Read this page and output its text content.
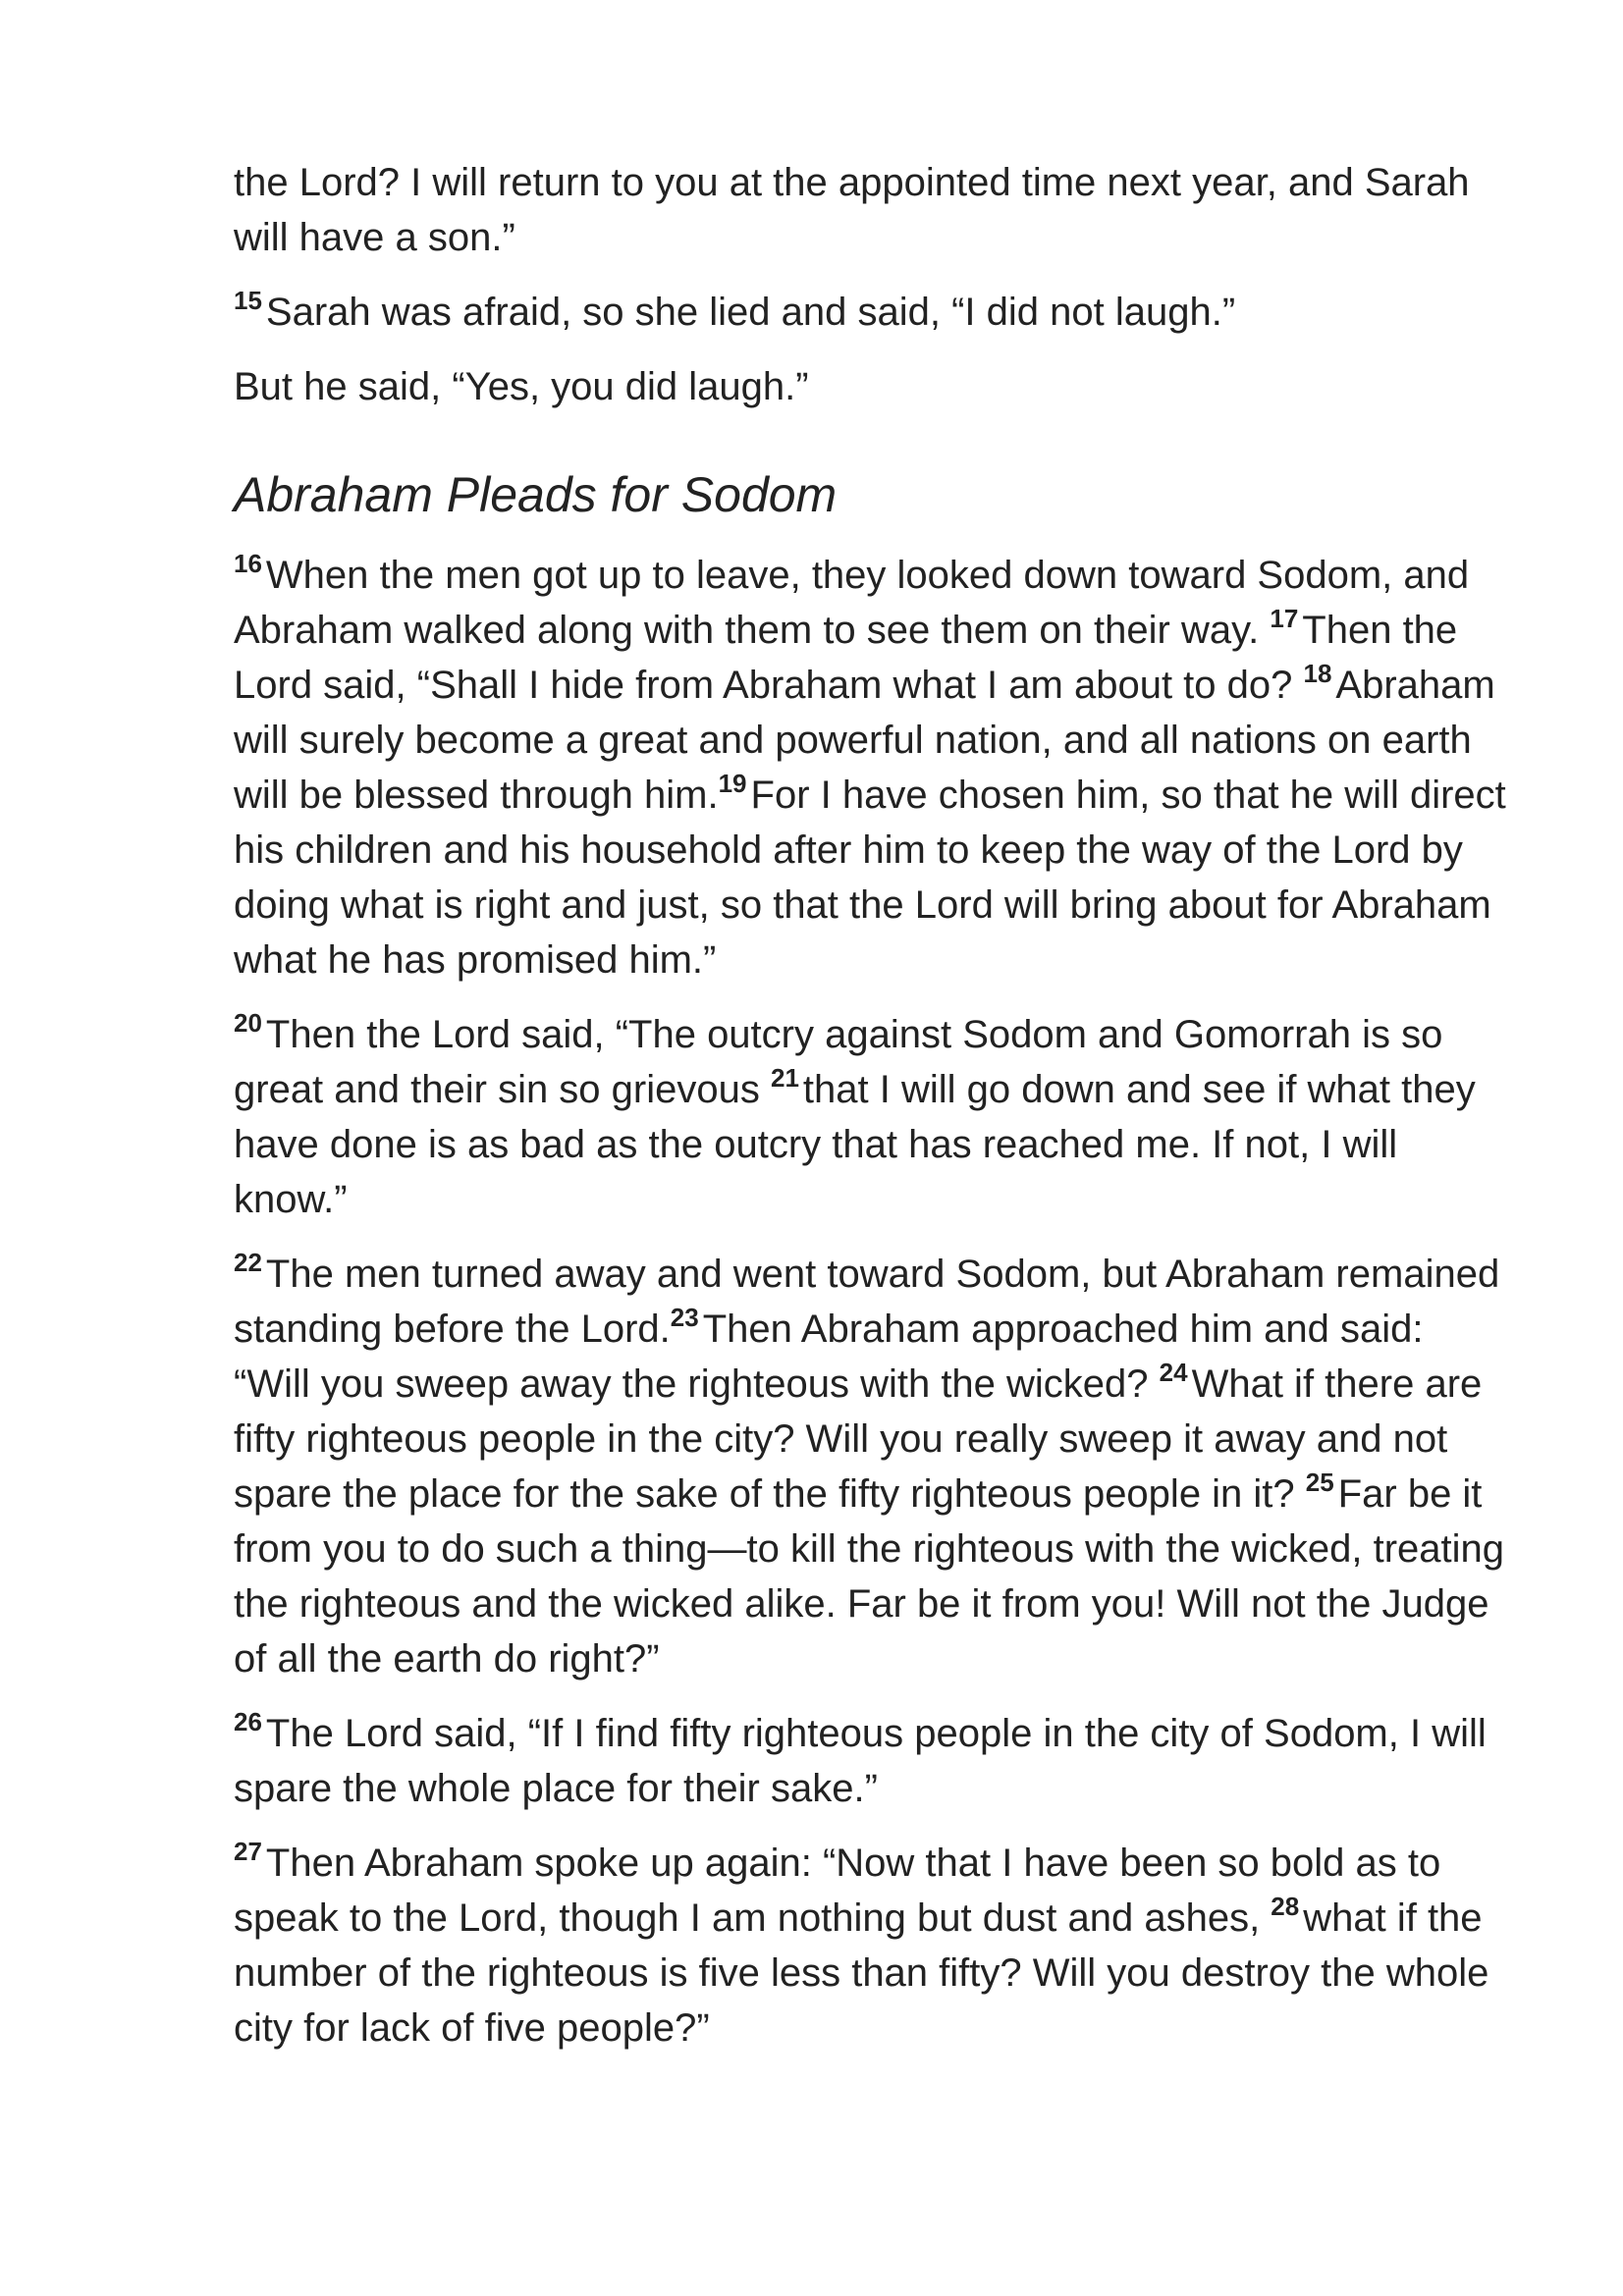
the Lord? I will return to you at the appointed time next year, and Sarah will have a son.”

$^{15}$ Sarah was afraid, so she lied and said, “I did not laugh.”

But he said, “Yes, you did laugh.”

Abraham Pleads for Sodom

$^{16}$ When the men got up to leave, they looked down toward Sodom, and Abraham walked along with them to see them on their way. $^{17}$ Then the Lord said, “Shall I hide from Abraham what I am about to do? $^{18}$ Abraham will surely become a great and powerful nation, and all nations on earth will be blessed through him.$^{19}$ For I have chosen him, so that he will direct his children and his household after him to keep the way of the Lord by doing what is right and just, so that the Lord will bring about for Abraham what he has promised him.”

$^{20}$ Then the Lord said, “The outcry against Sodom and Gomorrah is so great and their sin so grievous $^{21}$ that I will go down and see if what they have done is as bad as the outcry that has reached me. If not, I will know.”

$^{22}$ The men turned away and went toward Sodom, but Abraham remained standing before the Lord.$^{23}$ Then Abraham approached him and said: “Will you sweep away the righteous with the wicked? $^{24}$ What if there are fifty righteous people in the city? Will you really sweep it away and not spare the place for the sake of the fifty righteous people in it? $^{25}$ Far be it from you to do such a thing—to kill the righteous with the wicked, treating the righteous and the wicked alike. Far be it from you! Will not the Judge of all the earth do right?”

$^{26}$ The Lord said, “If I find fifty righteous people in the city of Sodom, I will spare the whole place for their sake.”

$^{27}$ Then Abraham spoke up again: “Now that I have been so bold as to speak to the Lord, though I am nothing but dust and ashes, $^{28}$ what if the number of the righteous is five less than fifty? Will you destroy the whole city for lack of five people?”
